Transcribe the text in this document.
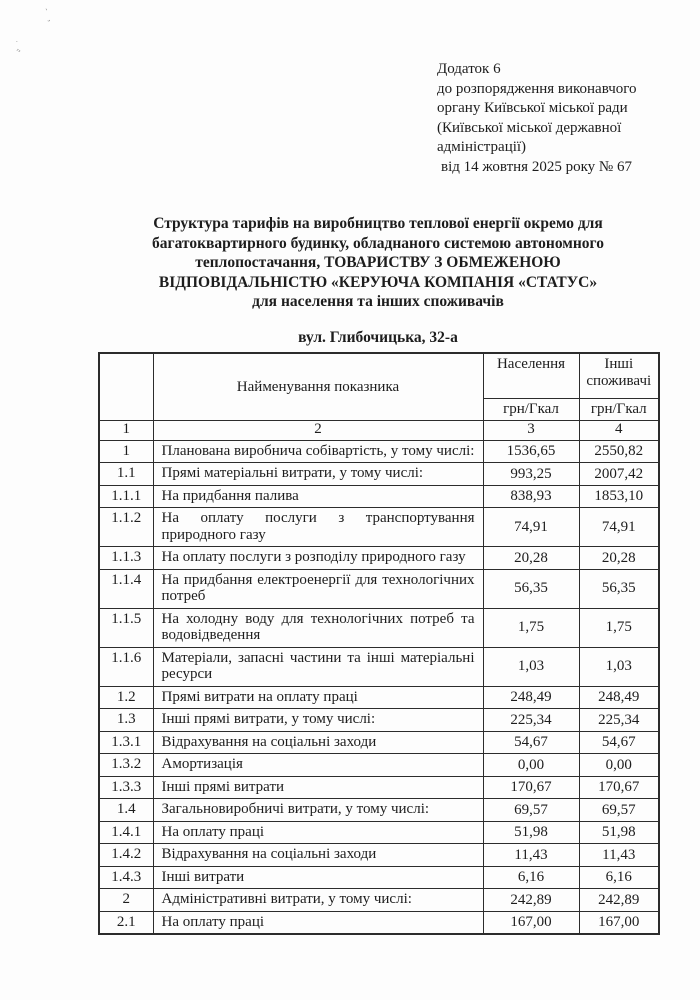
`
,
.
,,
Додаток 6
до розпорядження виконавчого
органу Київської міської ради
(Київської міської державної
адміністрації)
від 14 жовтня 2025 року № 67
Структура тарифів на виробництво теплової енергії окремо для
багатоквартирного будинку, обладнаного системою автономного
теплопостачання, ТОВАРИСТВУ З ОБМЕЖЕНОЮ
ВІДПОВІДАЛЬНІСТЮ «КЕРУЮЧА КОМПАНІЯ «СТАТУС»
для населення та інших споживачів
вул. Глибочицька, 32-а
	Найменування показника	Населення	Інші споживачі
		грн/Гкал	грн/Гкал
1	2	3	4
1	Планована виробнича собівартість, у тому числі:	1536,65	2550,82
1.1	Прямі матеріальні витрати, у тому числі:	993,25	2007,42
1.1.1	На придбання палива	838,93	1853,10
1.1.2	На оплату послуги з транспортування природного газу	74,91	74,91
1.1.3	На оплату послуги з розподілу природного газу	20,28	20,28
1.1.4	На придбання електроенергії для технологічних потреб	56,35	56,35
1.1.5	На холодну воду для технологічних потреб та водовідведення	1,75	1,75
1.1.6	Матеріали, запасні частини та інші матеріальні ресурси	1,03	1,03
1.2	Прямі витрати на оплату праці	248,49	248,49
1.3	Інші прямі витрати, у тому числі:	225,34	225,34
1.3.1	Відрахування на соціальні заходи	54,67	54,67
1.3.2	Амортизація	0,00	0,00
1.3.3	Інші прямі витрати	170,67	170,67
1.4	Загальновиробничі витрати, у тому числі:	69,57	69,57
1.4.1	На оплату праці	51,98	51,98
1.4.2	Відрахування на соціальні заходи	11,43	11,43
1.4.3	Інші витрати	6,16	6,16
2	Адміністративні витрати, у тому числі:	242,89	242,89
2.1	На оплату праці	167,00	167,00
